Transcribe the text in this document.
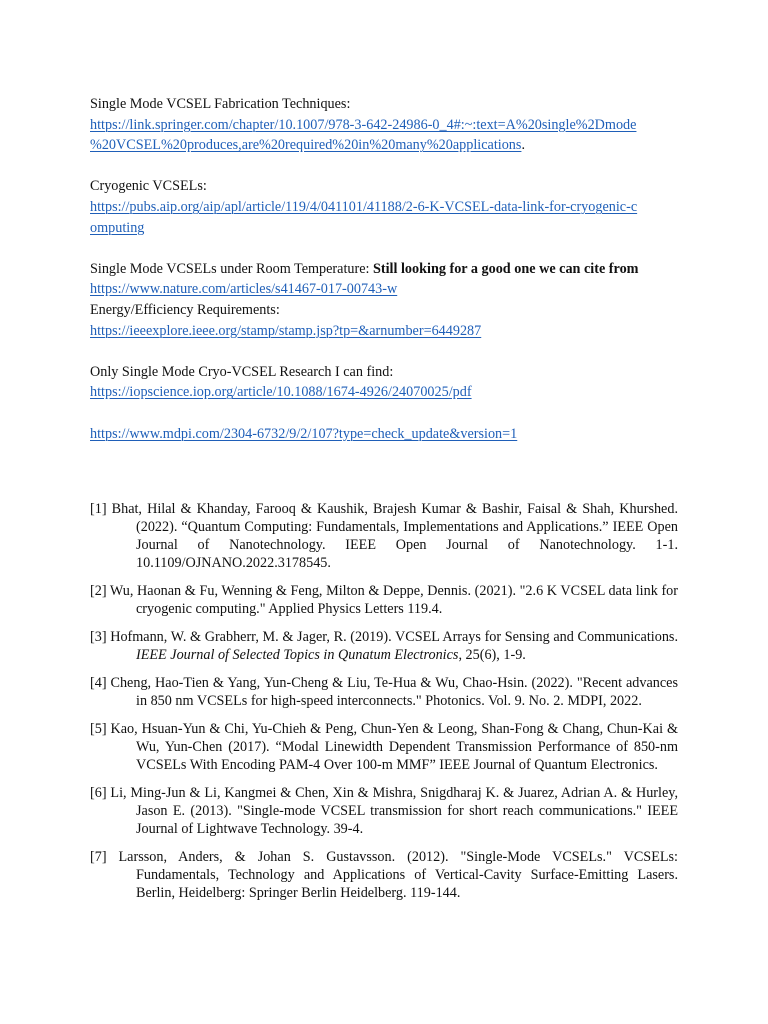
Single Mode VCSEL Fabrication Techniques:

https://link.springer.com/chapter/10.1007/978-3-642-24986-0_4#:~:text=A%20single%2Dmode
%20VCSEL%20produces,are%20required%20in%20many%20applications.

Cryogenic VCSELs:

https://pubs.aip.org/aip/apl/article/119/4/041101/41188/2-6-K-VCSEL-data-link-for-cryogenic-c
omputing

Single Mode VCSELs under Room Temperature: Still looking for a good one we can cite from

https://www.nature.com/articles/s41467-017-00743-w

Energy/Efficiency Requirements:

https://ieeexplore.ieee.org/stamp/stamp.jsp?tp=&arnumber=6449287

Only Single Mode Cryo-VCSEL Research I can find:

https://iopscience.iop.org/article/10.1088/1674-4926/24070025/pdf

https://www.mdpi.com/2304-6732/9/2/107?type=check_update&version=1

[1] Bhat, Hilal & Khanday, Farooq & Kaushik, Brajesh Kumar & Bashir, Faisal & Shah, Khurshed. (2022). “Quantum Computing: Fundamentals, Implementations and Applications.” IEEE Open Journal of Nanotechnology. IEEE Open Journal of Nanotechnology. 1-1. 10.1109/OJNANO.2022.3178545.

[2] Wu, Haonan & Fu, Wenning & Feng, Milton & Deppe, Dennis. (2021). "2.6 K VCSEL data link for cryogenic computing." Applied Physics Letters 119.4.

[3] Hofmann, W. & Grabherr, M. & Jager, R. (2019). VCSEL Arrays for Sensing and Communications. IEEE Journal of Selected Topics in Qunatum Electronics, 25(6), 1-9.

[4] Cheng, Hao-Tien & Yang, Yun-Cheng & Liu, Te-Hua & Wu, Chao-Hsin. (2022). "Recent advances in 850 nm VCSELs for high-speed interconnects." Photonics. Vol. 9. No. 2. MDPI, 2022.

[5] Kao, Hsuan-Yun & Chi, Yu-Chieh & Peng, Chun-Yen & Leong, Shan-Fong & Chang, Chun-Kai & Wu, Yun-Chen (2017). “Modal Linewidth Dependent Transmission Performance of 850-nm VCSELs With Encoding PAM-4 Over 100-m MMF” IEEE Journal of Quantum Electronics.

[6] Li, Ming-Jun & Li, Kangmei & Chen, Xin & Mishra, Snigdharaj K. & Juarez, Adrian A. & Hurley, Jason E. (2013). "Single-mode VCSEL transmission for short reach communications." IEEE Journal of Lightwave Technology. 39-4.

[7] Larsson, Anders, & Johan S. Gustavsson. (2012). "Single-Mode VCSELs." VCSELs: Fundamentals, Technology and Applications of Vertical-Cavity Surface-Emitting Lasers. Berlin, Heidelberg: Springer Berlin Heidelberg. 119-144.
